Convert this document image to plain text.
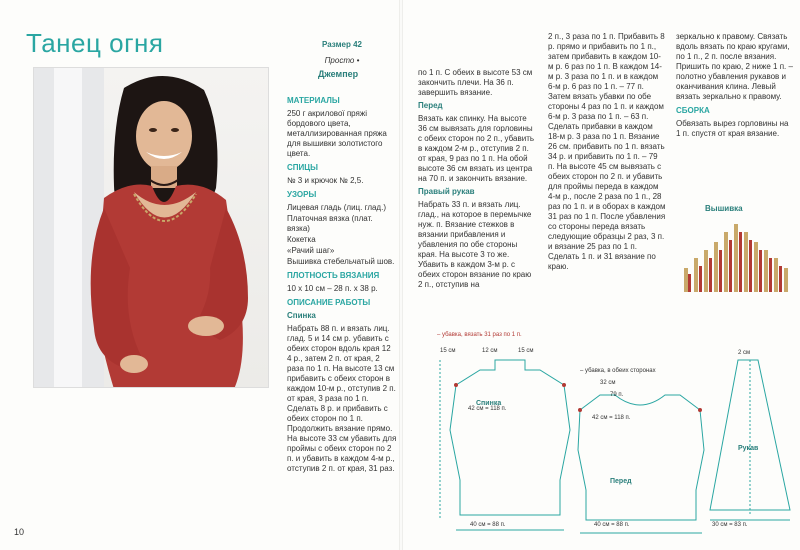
Танец огня
10

Размер 42

Просто •

Джемпер

МАТЕРИАЛЫ

250 г акрилової пряжі бордового цвета, металлизированная пряжа для вышивки золотистого цвета.

СПИЦЫ

№ 3 и крючок № 2,5.

УЗОРЫ

Лицевая гладь (лиц. глад.)

Платочная вязка (плат. вязка)

Кокетка

«Рачий шаг»

Вышивка стебельчатый шов.

ПЛОТНОСТЬ ВЯЗАНИЯ

10 х 10 см – 28 п. х 38 р.

ОПИСАНИЕ РАБОТЫ

Спинка

Набрать 88 п. и вязать лиц. глад. 5 и 14 см р. убавить с обеих сторон вдоль края 12 4 р., затем 2 п. от края, 2 раза по 1 п. На высоте 13 см прибавить с обеих сторон в каждом 10-м р., отступив 2 п. от края, 3 раза по 1 п. Сделать 8 р. и прибавить с обеих сторон по 1 п. Продолжить вязание прямо. На высоте 33 см убавить для проймы с обеих сторон по 2 п. и убавить в каждом 4-м р., отступив 2 п. от края, 31 раз.

по 1 п. С обеих в высоте 53 см закончить плечи. На 36 п. завершить вязание.

Перед

Вязать как спинку. На высоте 36 см вывязать для горловины с обеих сторон по 2 п., убавить в каждом 2-м р., отступив 2 п. от края, 9 раз по 1 п. На обой высоте 36 см вязать из центра на 70 п. и закончить вязание.

Правый рукав

Набрать 33 п. и вязать лиц. глад., на которое в перемычке нуж. п. Вязание стежков в вязании прибавления и убавления по обе стороны края. На высоте 3 то же. Убавить в каждом 3-м р. с обеих сторон вязание по краю 2 п., отступив на

2 п., 3 раза по 1 п. Прибавить 8 р. прямо и прибавить по 1 п., затем прибавить в каждом 10-м р. 6 раз по 1 п. В каждом 14-м р. 3 раза по 1 п. и в каждом 6-м р. 6 раз по 1 п. – 77 п. Затем вязать убавки по обе стороны 4 раз по 1 п. и каждом 6-м р. 3 раза по 1 п. – 63 п. Сделать прибавки в каждом 18-м р. 3 раза по 1 п. Вязание 26 см. прибавить по 1 п. вязать 34 р. и прибавить по 1 п. – 79 п. На высоте 45 см вывязать с обеих сторон по 2 п. и убавить для проймы переда в каждом 4-м р., после 2 раза по 1 п., 28 раз по 1 п. и в оборах в каждом 31 раз по 1 п. После убавления со стороны переда вязать следующие образцы 2 раз, 3 п. и вязание 25 раз по 1 п. Сделать 1 п. и 31 вязание по краю.

зеркально к правому. Связать вдоль вязать по краю кругами, по 1 п., 2 п. после вязания. Пришить по краю, 2 ниже 1 п. – полотно убавления рукавов и оканчивания клина. Левый вязать зеркально к правому.

СБОРКА

Обвязать вырез горловины на 1 п. спустя от края вязание.

Вышивка
– убавка, вязать 31 раз по 1 п.
– убавка, в обеих сторонах
Спинка
Перед
Рукав
15 см	12 см	15 см
42 см = 118 п.
40 см = 88 п.
79 п.
32 см
42 см = 118 п.
40 см = 88 п.
2 см
30 см = 83 п.
